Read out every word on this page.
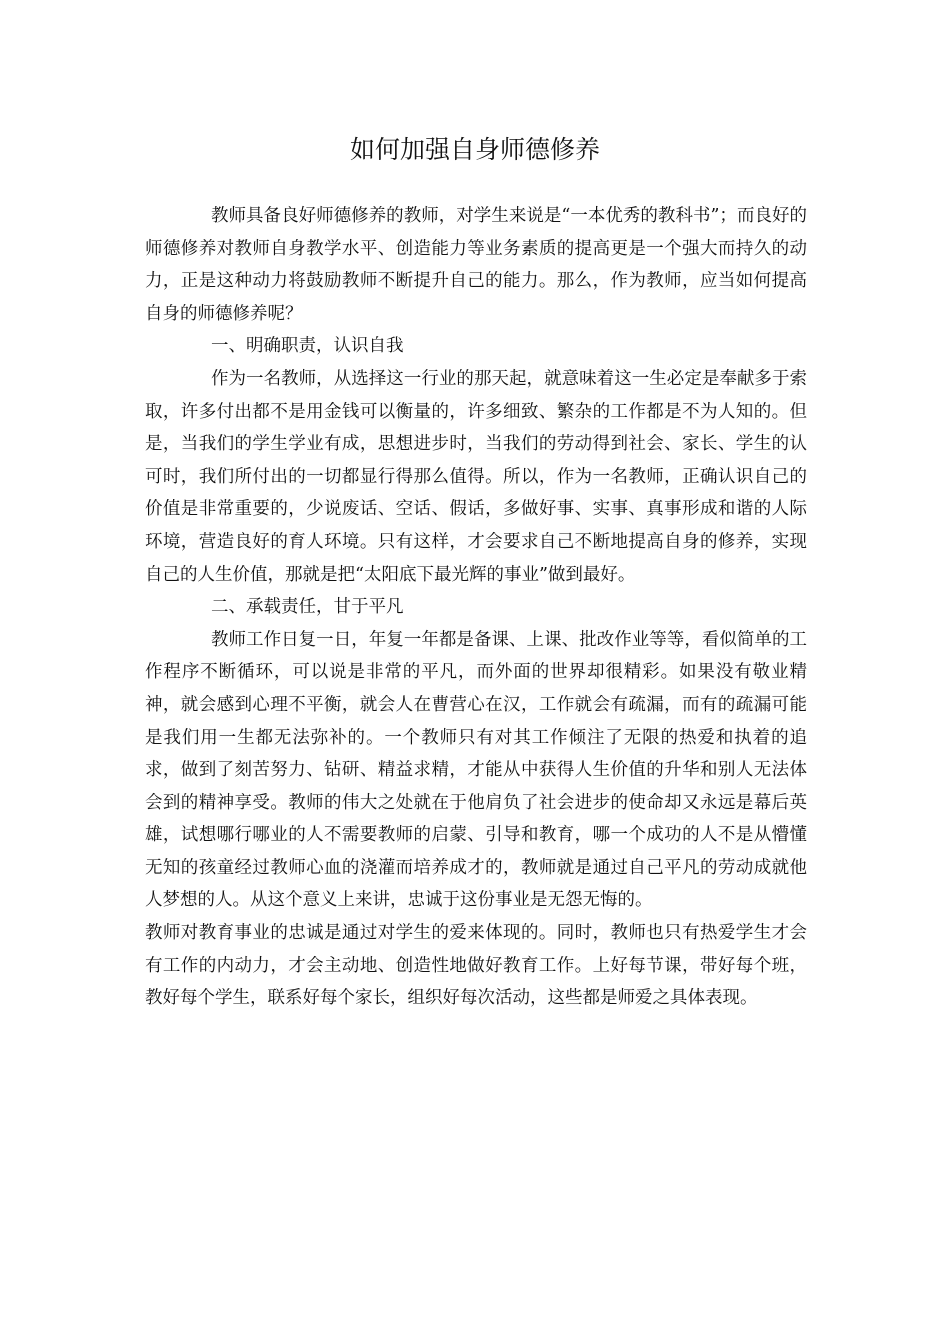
如何加强自身师德修养

教师具备良好师德修养的教师，对学生来说是“一本优秀的教科书”；而良好的师德修养对教师自身教学水平、创造能力等业务素质的提高更是一个强大而持久的动力，正是这种动力将鼓励教师不断提升自己的能力。那么，作为教师，应当如何提高自身的师德修养呢？

一、明确职责，认识自我

作为一名教师，从选择这一行业的那天起，就意味着这一生必定是奉献多于索取，许多付出都不是用金钱可以衡量的，许多细致、繁杂的工作都是不为人知的。但是，当我们的学生学业有成，思想进步时，当我们的劳动得到社会、家长、学生的认可时，我们所付出的一切都显行得那么值得。所以，作为一名教师，正确认识自己的价值是非常重要的，少说废话、空话、假话，多做好事、实事、真事形成和谐的人际环境，营造良好的育人环境。只有这样，才会要求自己不断地提高自身的修养，实现自己的人生价值，那就是把“太阳底下最光辉的事业”做到最好。

二、承载责任，甘于平凡

教师工作日复一日，年复一年都是备课、上课、批改作业等等，看似简单的工作程序不断循环，可以说是非常的平凡，而外面的世界却很精彩。如果没有敬业精神，就会感到心理不平衡，就会人在曹营心在汉，工作就会有疏漏，而有的疏漏可能是我们用一生都无法弥补的。一个教师只有对其工作倾注了无限的热爱和执着的追求，做到了刻苦努力、钻研、精益求精，才能从中获得人生价值的升华和别人无法体会到的精神享受。教师的伟大之处就在于他肩负了社会进步的使命却又永远是幕后英雄，试想哪行哪业的人不需要教师的启蒙、引导和教育，哪一个成功的人不是从懵懂无知的孩童经过教师心血的浇灌而培养成才的，教师就是通过自己平凡的劳动成就他人梦想的人。从这个意义上来讲，忠诚于这份事业是无怨无悔的。

教师对教育事业的忠诚是通过对学生的爱来体现的。同时，教师也只有热爱学生才会有工作的内动力，才会主动地、创造性地做好教育工作。上好每节课，带好每个班，教好每个学生，联系好每个家长，组织好每次活动，这些都是师爱之具体表现。
